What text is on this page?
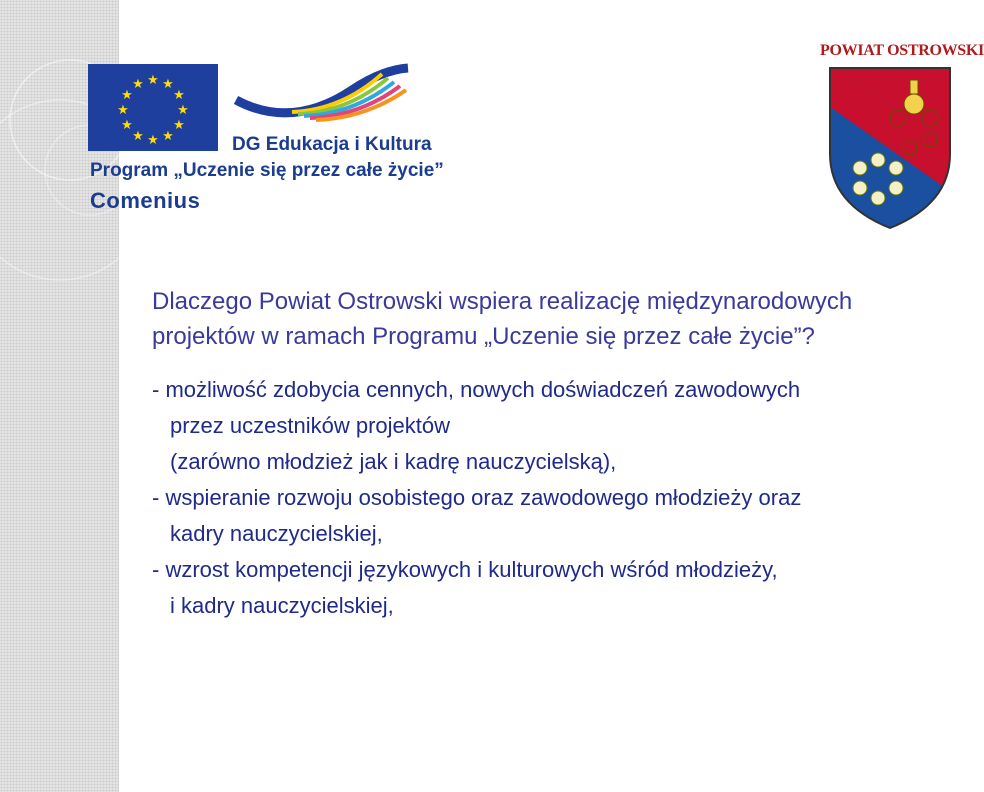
★ ★
★
★
★
★
★
★
★
★
★
★
DG Edukacja i Kultura
Program „Uczenie się przez całe życie”
Comenius
POWIAT OSTROWSKI
Dlaczego Powiat Ostrowski wspiera realizację międzynarodowych
projektów w ramach Programu „Uczenie się przez całe życie”?
- możliwość zdobycia cennych, nowych doświadczeń zawodowych
przez uczestników projektów
(zarówno młodzież jak i kadrę nauczycielską),
- wspieranie rozwoju osobistego oraz zawodowego młodzieży oraz
kadry nauczycielskiej,
- wzrost kompetencji językowych i kulturowych wśród młodzieży,
i kadry nauczycielskiej,
